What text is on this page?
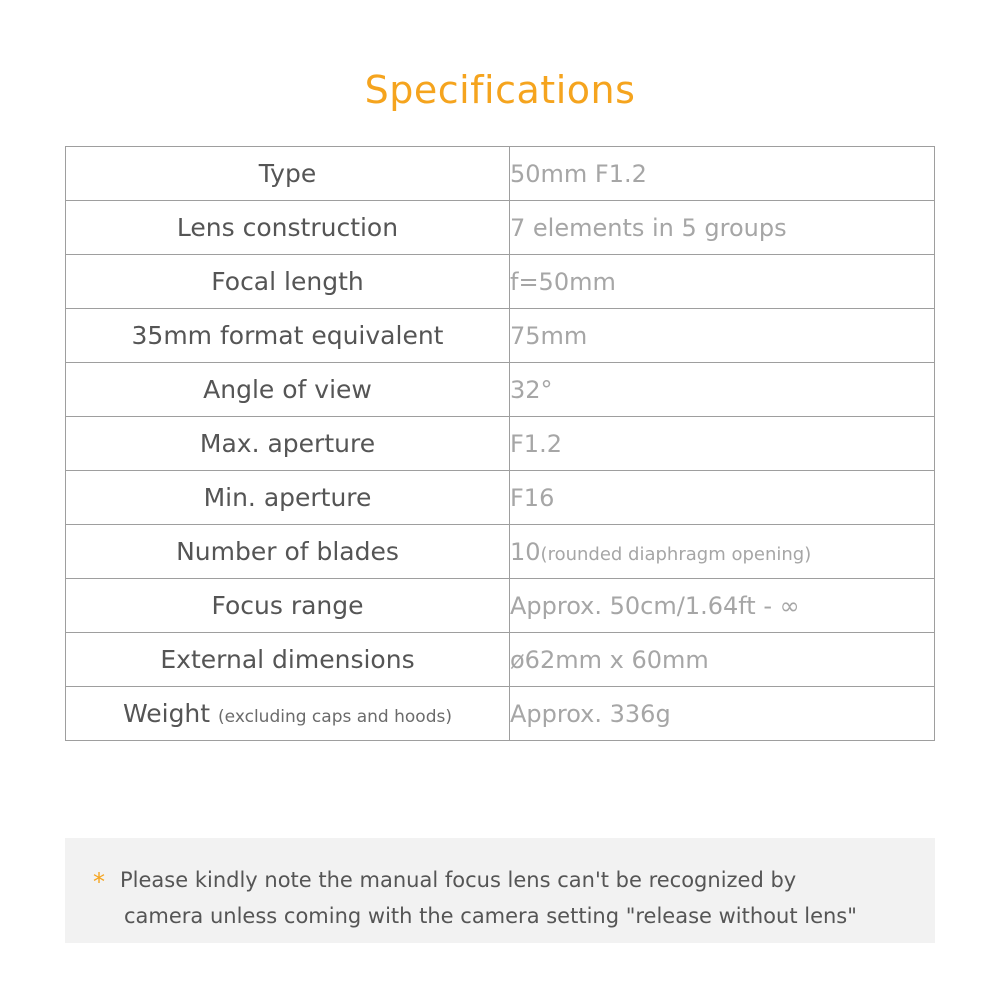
Specifications
Type	50mm F1.2
Lens construction	7 elements in 5 groups
Focal length	f=50mm
35mm format equivalent	75mm
Angle of view	32°
Max. aperture	F1.2
Min. aperture	F16
Number of blades	10(rounded diaphragm opening)
Focus range	Approx. 50cm/1.64ft - ∞
External dimensions	ø62mm x 60mm
Weight (excluding caps and hoods)	Approx. 336g
* Please kindly note the manual focus lens can't be recognized by
camera unless coming with the camera setting "release without lens"
